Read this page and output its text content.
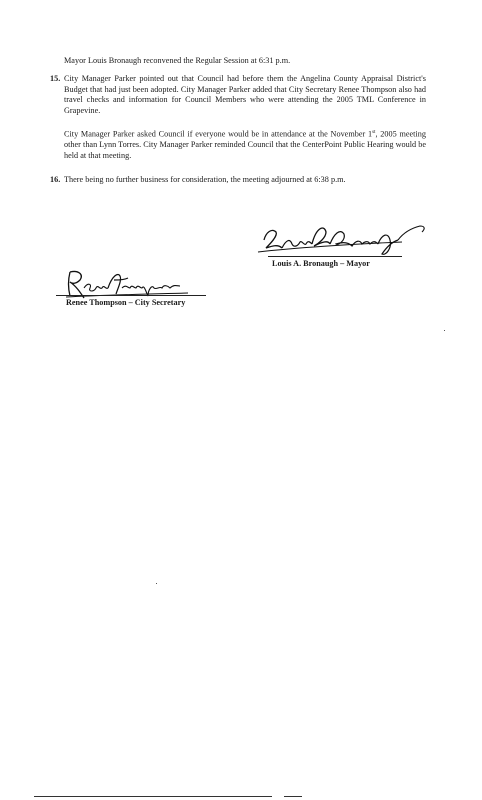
Mayor Louis Bronaugh reconvened the Regular Session at 6:31 p.m.
15. City Manager Parker pointed out that Council had before them the Angelina County Appraisal District's Budget that had just been adopted. City Manager Parker added that City Secretary Renee Thompson also had travel checks and information for Council Members who were attending the 2005 TML Conference in Grapevine.
City Manager Parker asked Council if everyone would be in attendance at the November 1st, 2005 meeting other than Lynn Torres. City Manager Parker reminded Council that the CenterPoint Public Hearing would be held at that meeting.
16. There being no further business for consideration, the meeting adjourned at 6:38 p.m.
Louis A. Bronaugh – Mayor
Renee Thompson – City Secretary
